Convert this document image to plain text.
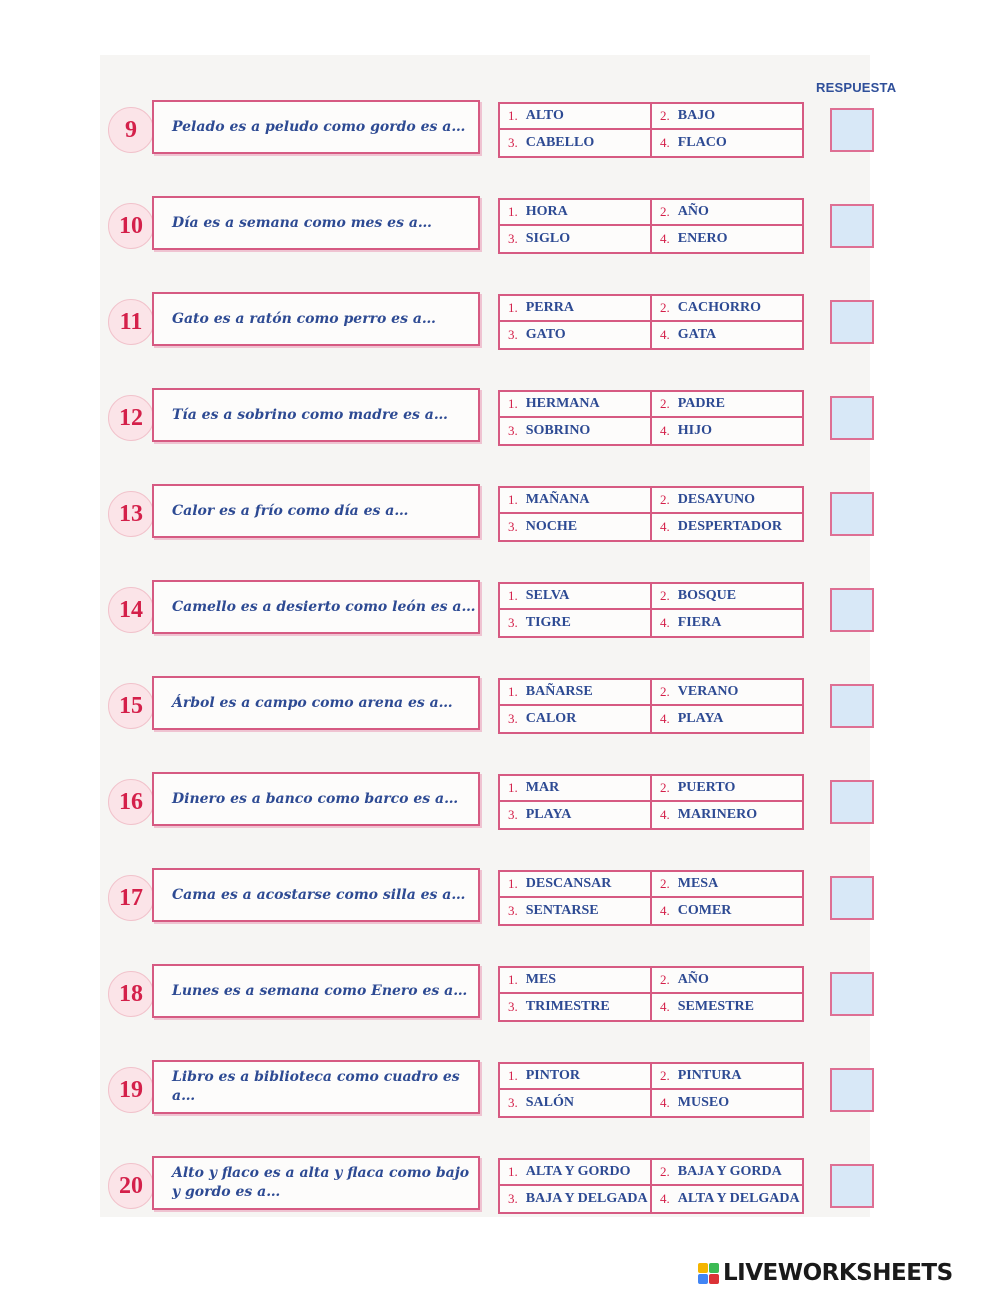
RESPUESTA
9	Pelado es a peludo como gordo es a…
1. ALTO	2. BAJO
3. CABELLO	4. FLACO
10	Día es a semana como mes es a…
1. HORA	2. AÑO
3. SIGLO	4. ENERO
11	Gato es a ratón como perro es a…
1. PERRA	2. CACHORRO
3. GATO	4. GATA
12	Tía es a sobrino como madre es a…
1. HERMANA	2. PADRE
3. SOBRINO	4. HIJO
13	Calor es a frío como día es a…
1. MAÑANA	2. DESAYUNO
3. NOCHE	4. DESPERTADOR
14	Camello es a desierto como león es a…
1. SELVA	2. BOSQUE
3. TIGRE	4. FIERA
15	Árbol es a campo como arena es a…
1. BAÑARSE	2. VERANO
3. CALOR	4. PLAYA
16	Dinero es a banco como barco es a…
1. MAR	2. PUERTO
3. PLAYA	4. MARINERO
17	Cama es a acostarse como silla es a…
1. DESCANSAR	2. MESA
3. SENTARSE	4. COMER
18	Lunes es a semana como Enero es a…
1. MES	2. AÑO
3. TRIMESTRE	4. SEMESTRE
19	Libro es a biblioteca como cuadro es a…
1. PINTOR	2. PINTURA
3. SALÓN	4. MUSEO
20	Alto y flaco es a alta y flaca como bajo y gordo es a…
1. ALTA Y GORDO 2. BAJA Y GORDA
3. BAJA Y DELGADA 4. ALTA Y DELGADA
LIVEWORKSHEETS
